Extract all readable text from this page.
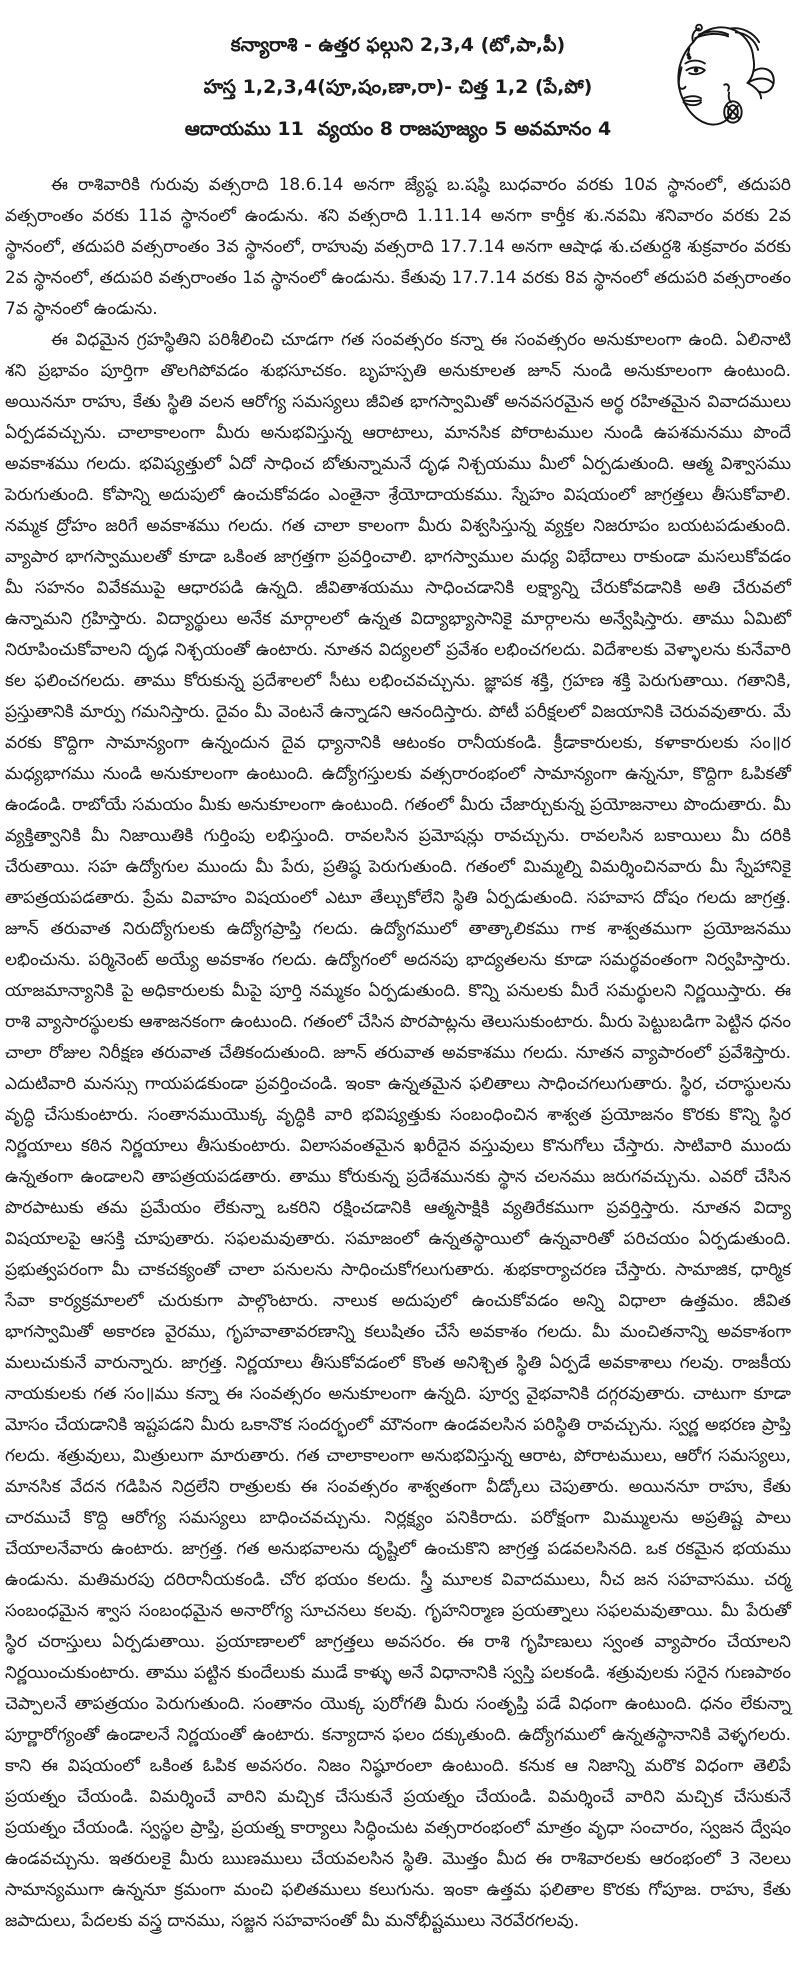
కన్యారాశి - ఉత్తర ఫల్గుని 2,3,4 (టో,పా,పీ)
హస్త 1,2,3,4(పూ,షం,ణా,రా)- చిత్త 1,2 (పే,పో)
ఆదాయము 11  వ్యయం 8 రాజపూజ్యం 5 అవమానం 4

ఈ రాశివారికి గురువు వత్సరాది 18.6.14 అనగా జ్యేష్ఠ బ.షష్ఠి బుధవారం వరకు 10వ స్థానంలో, తదుపరి వత్సరాంతం వరకు 11వ స్థానంలో ఉండును. శని వత్సరాది 1.11.14 అనగా కార్తీక శు.నవమి శనివారం వరకు 2వ స్థానంలో, తదుపరి వత్సరాంతం 3వ స్థానంలో, రాహువు వత్సరాది 17.7.14 అనగా ఆషాఢ శు.చతుర్దశి శుక్రవారం వరకు 2వ స్థానంలో, తదుపరి వత్సరాంతం 1వ స్థానంలో ఉండును. కేతువు 17.7.14 వరకు 8వ స్థానంలో తదుపరి వత్సరాంతం 7వ స్థానంలో ఉండును.

ఈ విధమైన గ్రహస్థితిని పరిశీలించి చూడగా గత సంవత్సరం కన్నా ఈ సంవత్సరం అనుకూలంగా ఉంది. ఏలినాటి శని ప్రభావం పూర్తిగా తొలగిపోవడం శుభసూచకం. బృహస్పతి అనుకూలత జూన్ నుండి అనుకూలంగా ఉంటుంది. అయిననూ రాహు, కేతు స్థితి వలన ఆరోగ్య సమస్యలు జీవిత భాగస్వామితో అనవసరమైన అర్థ రహితమైన వివాదములు ఏర్పడవచ్చును. చాలాకాలంగా మీరు అనుభవిస్తున్న ఆరాటాలు, మానసిక పోరాటముల నుండి ఉపశమనము పొందే అవకాశము గలదు. భవిష్యత్తులో ఏదో సాధించ బోతున్నామనే దృఢ నిశ్చయము మీలో ఏర్పడుతుంది. ఆత్మ విశ్వాసము పెరుగుతుంది. కోపాన్ని అదుపులో ఉంచుకోవడం ఎంతైనా శ్రేయోదాయకము. స్నేహం విషయంలో జాగ్రత్తలు తీసుకోవాలి. నమ్మక ద్రోహం జరిగే అవకాశము గలదు. గత చాలా కాలంగా మీరు విశ్వసిస్తున్న వ్యక్తల నిజరూపం బయటపడుతుంది. వ్యాపార భాగస్వాములతో కూడా ఒకింత జాగ్రత్తగా ప్రవర్తించాలి. భాగస్వాముల మధ్య విభేదాలు రాకుండా మసలుకోవడం మీ సహనం వివేకముపై ఆధారపడి ఉన్నది. జీవితాశయము సాధించడానికి లక్ష్యాన్ని చేరుకోవడానికి అతి చేరువలో ఉన్నామని గ్రహిస్తారు. విద్యార్థులు అనేక మార్గాలలో ఉన్నత విద్యాభ్యాసానికై మార్గాలను అన్వేషిస్తారు. తాము ఏమిటో నిరూపించుకోవాలని దృఢ నిశ్చయంతో ఉంటారు. నూతన విద్యలలో ప్రవేశం లభించగలదు. విదేశాలకు వెళ్ళాలను కునేవారి కల ఫలించగలదు. తాము కోరుకున్న ప్రదేశాలలో సీటు లభించవచ్చును. జ్ఞాపక శక్తి, గ్రహణ శక్తి పెరుగుతాయి. గతానికి, ప్రస్తుతానికి మార్పు గమనిస్తారు. దైవం మీ వెంటనే ఉన్నాడని ఆనందిస్తారు. పోటీ పరీక్షలలో విజయానికి చెరువవుతారు. మే వరకు కొద్దిగా సామాన్యంగా ఉన్నందున దైవ ధ్యానానికి ఆటంకం రానీయకండి. క్రీడాకారులకు, కళాకారులకు సం॥ర మధ్యభాగము నుండి అనుకూలంగా ఉంటుంది. ఉద్యోగస్తులకు వత్సరారంభంలో సామాన్యంగా ఉన్ననూ, కొద్దిగా ఓపికతో ఉండండి. రాబోయే సమయం మీకు అనుకూలంగా ఉంటుంది. గతంలో మీరు చేజార్చుకున్న ప్రయోజనాలు పొందుతారు. మీ వ్యక్తిత్వానికి మీ నిజాయితికి గుర్తింపు లభిస్తుంది. రావలసిన ప్రమోషన్లు రావచ్చును. రావలసిన బకాయిలు మీ దరికి చేరుతాయి. సహ ఉద్యోగుల ముందు మీ పేరు, ప్రతిష్ఠ పెరుగుతుంది. గతంలో మిమ్మల్ని విమర్శించినవారు మీ స్నేహానికై తాపత్రయపడతారు. ప్రేమ వివాహం విషయంలో ఎటూ తేల్చుకోలేని స్థితి ఏర్పడుతుంది. సహవాస దోషం గలదు జాగ్రత్త. జూన్ తరువాత నిరుద్యోగులకు ఉద్యోగప్రాప్తి గలదు. ఉద్యోగములో తాత్కాలికము గాక శాశ్వతముగా ప్రయోజనము లభించును. పర్మినెంట్ అయ్యే అవకాశం గలదు. ఉద్యోగంలో అదనపు భాద్యతలను కూడా సమర్థవంతంగా నిర్వహిస్తారు. యాజమాన్యానికి పై అధికారులకు మీపై పూర్తి నమ్మకం ఏర్పడుతుంది. కొన్ని పనులకు మీరే సమర్థులని నిర్ణయిస్తారు. ఈ రాశి వ్యాసారస్థులకు ఆశాజనకంగా ఉంటుంది. గతంలో చేసిన పొరపాట్లను తెలుసుకుంటారు. మీరు పెట్టుబడిగా పెట్టిన ధనం చాలా రోజుల నిరీక్షణ తరువాత చేతికందుతుంది. జూన్ తరువాత అవకాశము గలదు. నూతన వ్యాపారంలో ప్రవేశిస్తారు. ఎదుటివారి మనస్సు గాయపడకుండా ప్రవర్తించండి. ఇంకా ఉన్నతమైన ఫలితాలు సాధించగలుగుతారు. స్థిర, చరాస్థులను వృద్ధి చేసుకుంటారు. సంతానముయొక్క వృద్ధికి వారి భవిష్యత్తుకు సంబంధించిన శాశ్వత ప్రయోజనం కొరకు కొన్ని స్థిర నిర్ణయాలు కఠిన నిర్ణయాలు తీసుకుంటారు. విలాసవంతమైన ఖరీదైన వస్తువులు కొనుగోలు చేస్తారు. సాటివారి ముందు ఉన్నతంగా ఉండాలని తాపత్రయపడతారు. తాము కోరుకున్న ప్రదేశమునకు స్థాన చలనము జరుగవచ్చును. ఎవరో చేసిన పొరపాటుకు తమ ప్రమేయం లేకున్నా ఒకరిని రక్షించడానికి ఆత్మసాక్షికి వ్యతిరేకముగా ప్రవర్తిస్తారు. నూతన విద్యా విషయాలపై ఆసక్తి చూపుతారు. సఫలమవుతారు. సమాజంలో ఉన్నతస్థాయిలో ఉన్నవారితో పరిచయం ఏర్పడుతుంది. ప్రభుత్వపరంగా మీ చాకచక్యంతో చాలా పనులను సాధించుకోగలుగుతారు. శుభకార్యాచరణ చేస్తారు. సామాజిక, ధార్మిక సేవా కార్యక్రమాలలో చురుకుగా పాల్గొంటారు. నాలుక అదుపులో ఉంచుకోవడం అన్ని విధాలా ఉత్తమం. జీవిత భాగస్వామితో అకారణ వైరము, గృహవాతావరణాన్ని కలుషితం చేసే అవకాశం గలదు. మీ మంచితనాన్ని అవకాశంగా మలుచుకునే వారున్నారు. జాగ్రత్త. నిర్ణయాలు తీసుకోవడంలో కొంత అనిశ్చిత స్థితి ఏర్పడే అవకాశాలు గలవు. రాజకీయ నాయకులకు గత సం॥ము కన్నా ఈ సంవత్సరం అనుకూలంగా ఉన్నది. పూర్వ వైభవానికి దగ్గరవుతారు. చాటుగా కూడా మోసం చేయడానికి ఇష్టపడని మీరు ఒకానొక సందర్భంలో మౌనంగా ఉండవలసిన పరిస్థితి రావచ్చును. స్వర్ణ అభరణ ప్రాప్తి గలదు. శత్రువులు, మిత్రులుగా మారుతారు. గత చాలాకాలంగా అనుభవిస్తున్న ఆరాట, పోరాటములు, ఆరోగ సమస్యలు, మానసిక వేదన గడిపిన నిద్రలేని రాత్రులకు ఈ సంవత్సరం శాశ్వతంగా వీడ్కోలు చెపుతారు. అయిననూ రాహు, కేతు చారముచే కొద్ది ఆరోగ్య సమస్యలు బాధించవచ్చును. నిర్లక్ష్యం పనికిరాదు. పరోక్షంగా మిమ్ములను అప్రతిష్ట పాలు చేయాలనేవారు ఉంటారు. జాగ్రత్త. గత అనుభవాలను దృష్టిలో ఉంచుకొని జాగ్రత్త పడవలసినది. ఒక రకమైన భయము ఉండును. మతిమరపు దరిరానీయకండి. చోర భయం కలదు. స్త్రీ మూలక వివాదములు, నీచ జన సహవాసము. చర్మ సంబంధమైన శ్వాస సంబంధమైన అనారోగ్య సూచనలు కలవు. గృహనిర్మాణ ప్రయత్నాలు సఫలమవుతాయి. మీ పేరుతో స్థిర చరాస్తులు ఏర్పడుతాయి. ప్రయాణాలలో జాగ్రత్తలు అవసరం. ఈ రాశి గృహిణులు స్వంత వ్యాపారం చేయాలని నిర్ణయించుకుంటారు. తాము పట్టిన కుందేలుకు ముడే కాళ్ళు అనే విధానానికి స్వస్తి పలకండి. శత్రువులకు సరైన గుణపాఠం చెప్పాలనే తాపత్రయం పెరుగుతుంది. సంతానం యొక్క పురోగతి మీరు సంతృప్తి పడే విధంగా ఉంటుంది. ధనం లేకున్నా పూర్ణారోగ్యంతో ఉండాలనే నిర్ణయంతో ఉంటారు. కన్యాదాన ఫలం దక్కుతుంది. ఉద్యోగములో ఉన్నతస్థానానికి వెళ్ళగలరు. కాని ఈ విషయంలో ఒకింత ఓపిక అవసరం. నిజం నిష్ఠూరంలా ఉంటుంది. కనుక ఆ నిజాన్ని మరొక విధంగా తెలిపే ప్రయత్నం చేయండి. విమర్శించే వారిని మచ్చిక చేసుకునే ప్రయత్నం చేయండి. విమర్శించే వారిని మచ్చిక చేసుకునే ప్రయత్నం చేయండి. స్వస్థల ప్రాప్తి, ప్రయత్న కార్యాలు సిద్ధించుట వత్సరారంభంలో మాత్రం వృధా సంచారం, స్వజన ద్వేషం ఉండవచ్చును. ఇతరులకై మీరు ఋణములు చేయవలసిన స్థితి. మొత్తం మీద ఈ రాశివారలకు ఆరంభంలో 3 నెలలు సామాన్యముగా ఉన్ననూ క్రమంగా మంచి ఫలితములు కలుగును. ఇంకా ఉత్తమ ఫలితాల కొరకు గోపూజ. రాహు, కేతు జపాదులు, పేదలకు వస్త్ర దానము, సజ్జన సహవాసంతో మీ మనోభీష్టములు నెరవేరగలవు.
